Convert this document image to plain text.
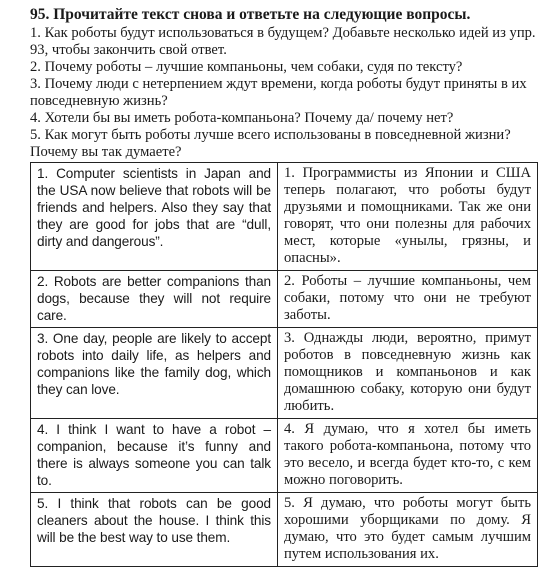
95. Прочитайте текст снова и ответьте на следующие вопросы.

1. Как роботы будут использоваться в будущем? Добавьте несколько идей из упр. 93, чтобы закончить свой ответ.

2. Почему роботы – лучшие компаньоны, чем собаки, судя по тексту?

3. Почему люди с нетерпением ждут времени, когда роботы будут приняты в их повседневную жизнь?

4. Хотели бы вы иметь робота-компаньона? Почему да/ почему нет?

5. Как могут быть роботы лучше всего использованы в повседневной жизни? Почему вы так думаете?

1. Computer scientists in Japan and the USA now believe that robots will be friends and helpers. Also they say that they are good for jobs that are “dull, dirty and dangerous”.	1. Программисты из Японии и США теперь полагают, что роботы будут друзьями и помощниками. Так же они говорят, что они полезны для рабочих мест, которые «унылы, грязны, и опасны».
2. Robots are better companions than dogs, because they will not require care.	2. Роботы – лучшие компаньоны, чем собаки, потому что они не требуют заботы.
3. One day, people are likely to accept robots into daily life, as helpers and companions like the family dog, which they can love.	3. Однажды люди, вероятно, примут роботов в повседневную жизнь как помощников и компаньонов и как домашнюю собаку, которую они будут любить.
4. I think I want to have a robot – companion, because it’s funny and there is always someone you can talk to.	4. Я думаю, что я хотел бы иметь такого робота-компаньона, потому что это весело, и всегда будет кто-то, с кем можно поговорить.
5. I think that robots can be good cleaners about the house. I think this will be the best way to use them.	5. Я думаю, что роботы могут быть хорошими уборщиками по дому. Я думаю, что это будет самым лучшим путем использования их.
